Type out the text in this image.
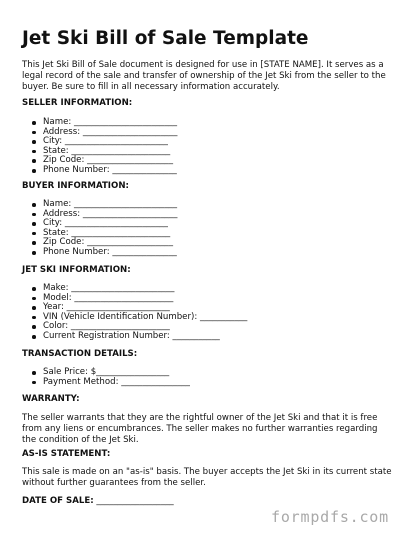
Jet Ski Bill of Sale Template
This Jet Ski Bill of Sale document is designed for use in [STATE NAME]. It serves as a legal record of the sale and transfer of ownership of the Jet Ski from the seller to the buyer. Be sure to fill in all necessary information accurately.
SELLER INFORMATION:
Name: ________________________
Address: ______________________
City: ________________________
State: _______________________
Zip Code: ____________________
Phone Number: _______________
BUYER INFORMATION:
Name: ________________________
Address: ______________________
City: ________________________
State: _______________________
Zip Code: ____________________
Phone Number: _______________
JET SKI INFORMATION:
Make: ________________________
Model: _______________________
Year: ________________________
VIN (Vehicle Identification Number): ___________
Color: _______________________
Current Registration Number: ___________
TRANSACTION DETAILS:
Sale Price: $_________________
Payment Method: ________________
WARRANTY:
The seller warrants that they are the rightful owner of the Jet Ski and that it is free from any liens or encumbrances. The seller makes no further warranties regarding the condition of the Jet Ski.
AS-IS STATEMENT:
This sale is made on an "as-is" basis. The buyer accepts the Jet Ski in its current state without further guarantees from the seller.
DATE OF SALE: __________________
formpdfs.com
